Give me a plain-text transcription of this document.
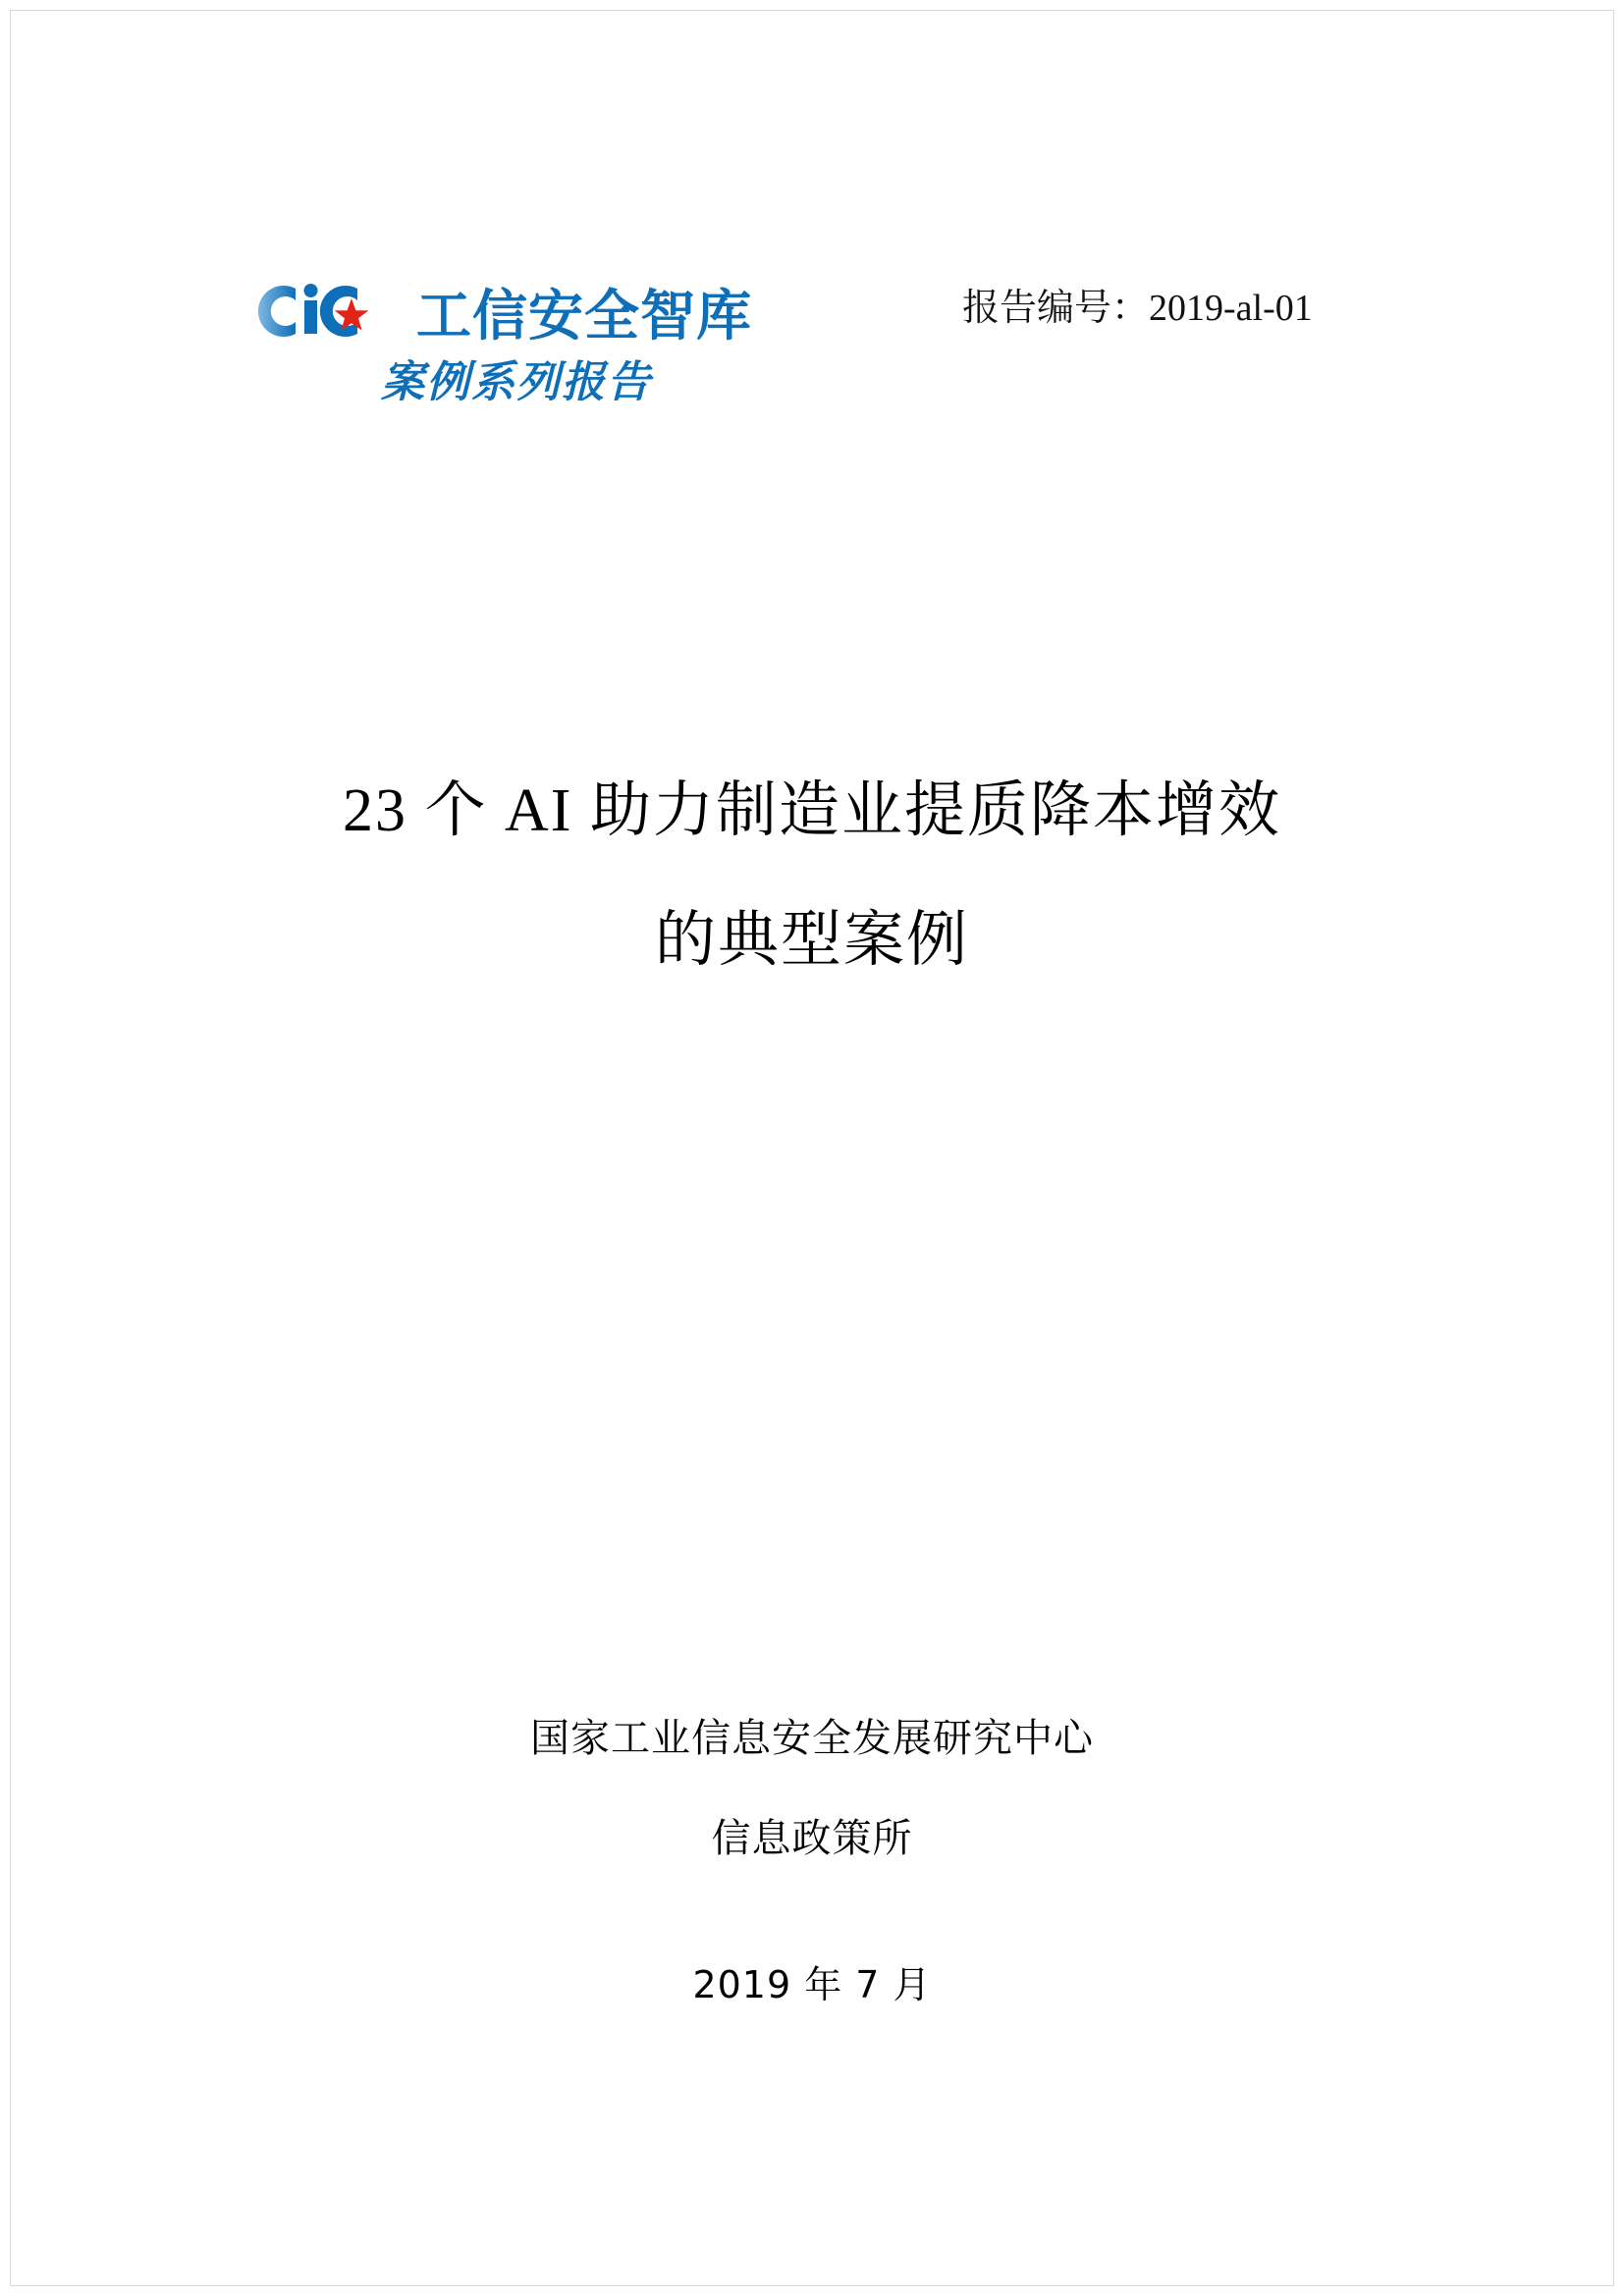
工信安全智库
案例系列报告
报告编号：2019-al-01
23 个 AI 助力制造业提质降本增效
的典型案例
国家工业信息安全发展研究中心
信息政策所
2019 年 7 月
